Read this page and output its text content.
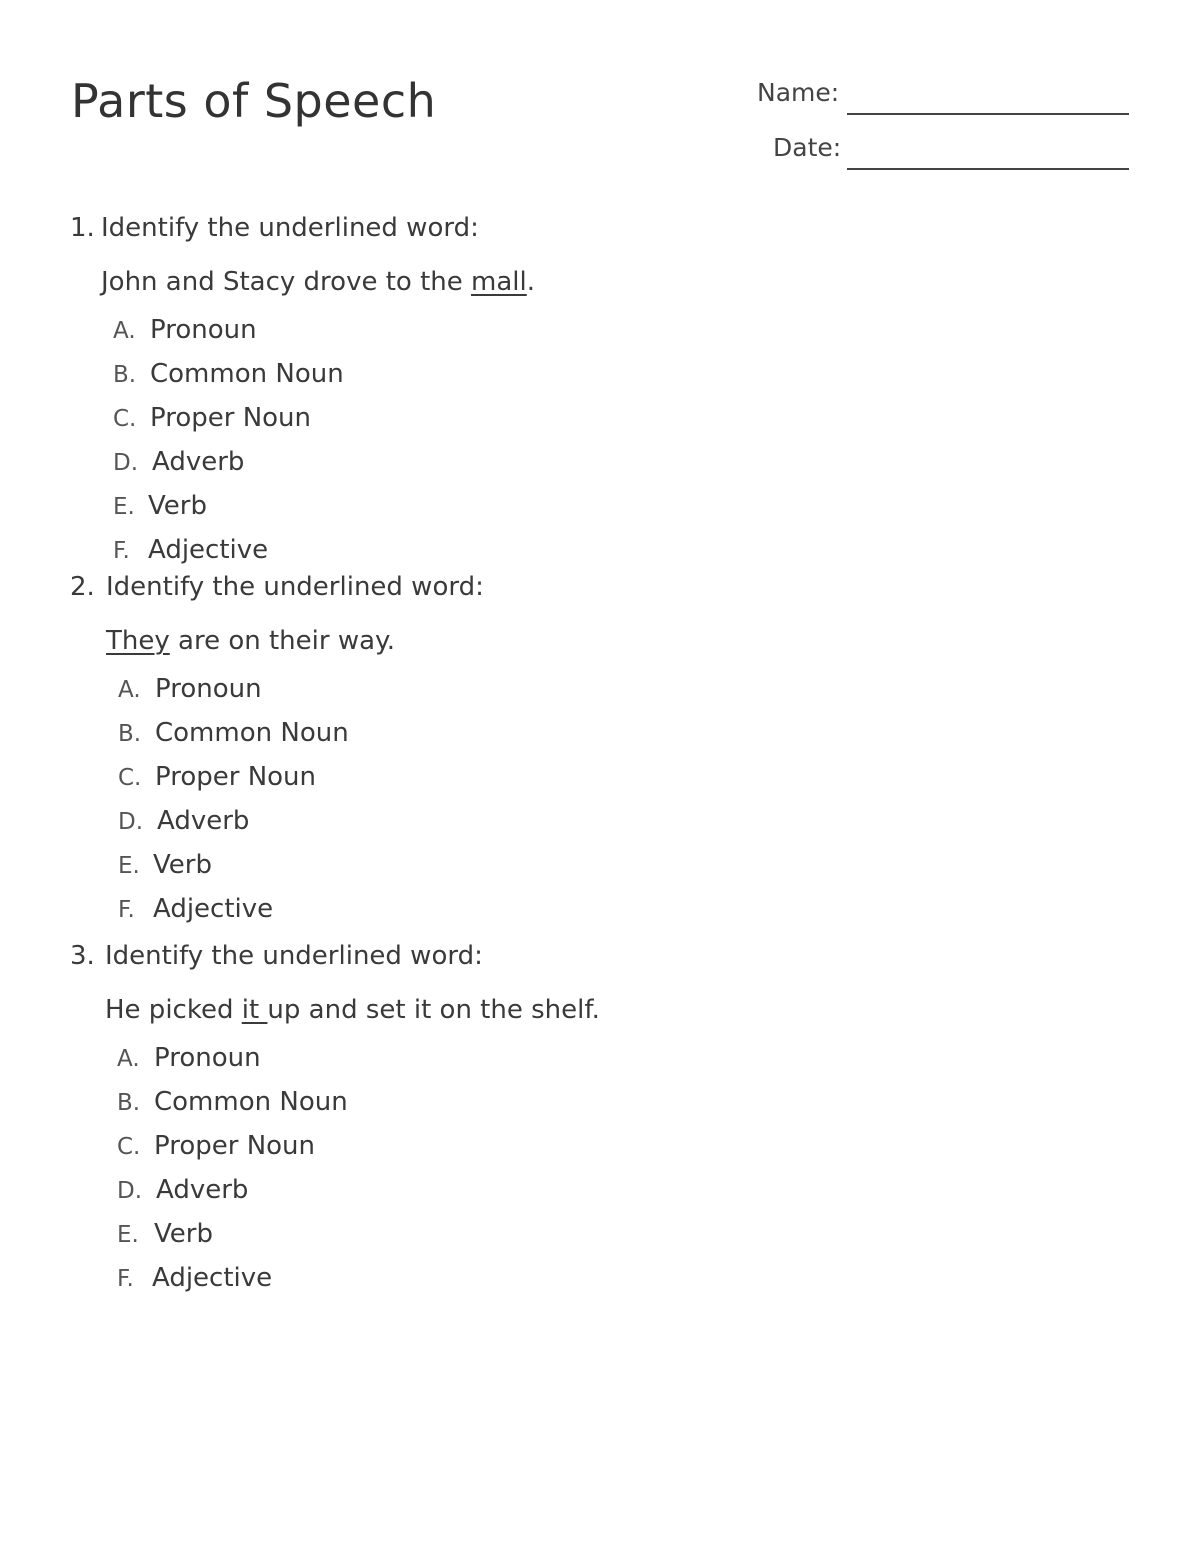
Parts of Speech	Name:
Date:
1. Identify the underlined word:
John and Stacy drove to the mall.
A. Pronoun
B. Common Noun
C. Proper Noun
D. Adverb
E. Verb
F. Adjective
2. Identify the underlined word:
They are on their way.
A. Pronoun
B. Common Noun
C. Proper Noun
D. Adverb
E. Verb
F. Adjective
3. Identify the underlined word:
He picked it up and set it on the shelf.
A. Pronoun
B. Common Noun
C. Proper Noun
D. Adverb
E. Verb
F. Adjective
